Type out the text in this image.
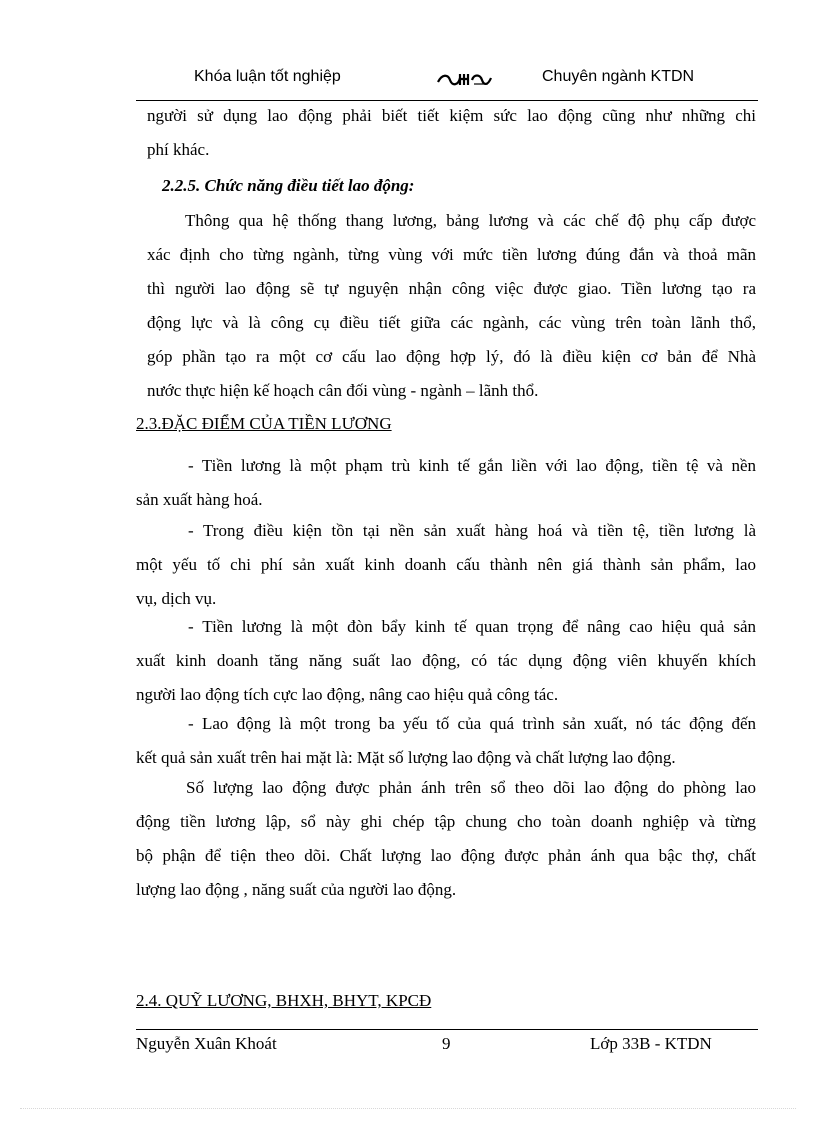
Khóa luận tốt nghiệp	Chuyên ngành KTDN

người sử dụng lao động phải biết tiết kiệm sức lao động cũng như những chi
phí khác.

2.2.5. Chức năng điều tiết lao động:

Thông qua hệ thống thang lương, bảng lương và các chế độ phụ cấp được
xác định cho từng ngành, từng vùng với mức tiền lương đúng đắn và thoả mãn
thì người lao động sẽ tự nguyện nhận công việc được giao. Tiền lương tạo ra
động lực và là công cụ điều tiết giữa các ngành, các vùng trên toàn lãnh thổ,
góp phần tạo ra một cơ cấu lao động hợp lý, đó là điều kiện cơ bản để Nhà
nước thực hiện kế hoạch cân đối vùng - ngành – lãnh thổ.

2.3.ĐẶC ĐIỂM CỦA TIỀN LƯƠNG

- Tiền lương là một phạm trù kinh tế gắn liền với lao động, tiền tệ và nền
sản xuất hàng hoá.

- Trong điều kiện tồn tại nền sản xuất hàng hoá và tiền tệ, tiền lương là
một yếu tố chi phí sản xuất kinh doanh cấu thành nên giá thành sản phẩm, lao
vụ, dịch vụ.

- Tiền lương là một đòn bẩy kinh tế quan trọng để nâng cao hiệu quả sản
xuất kinh doanh tăng năng suất lao động, có tác dụng động viên khuyến khích
người lao động tích cực lao động, nâng cao hiệu quả công tác.

- Lao động là một trong ba yếu tố của quá trình sản xuất, nó tác động đến
kết quả sản xuất trên hai mặt là: Mặt số lượng lao động và chất lượng lao động.

Số lượng lao động được phản ánh trên sổ theo dõi lao động do phòng lao
động tiền lương lập, sổ này ghi chép tập chung cho toàn doanh nghiệp và từng
bộ phận để tiện theo dõi. Chất lượng lao động được phản ánh qua bậc thợ, chất
lượng lao động , năng suất của người lao động.

2.4. QUỸ LƯƠNG, BHXH, BHYT, KPCĐ
Nguyễn Xuân Khoát	9	Lớp 33B - KTDN
